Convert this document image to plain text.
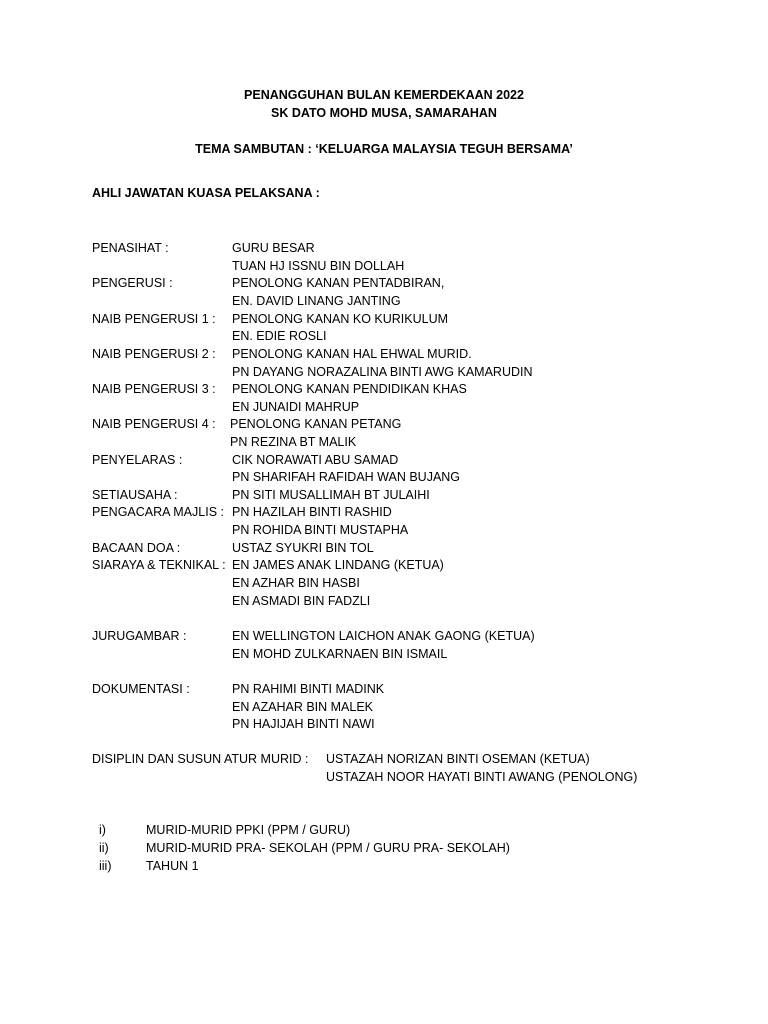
PENANGGUHAN BULAN KEMERDEKAAN 2022
SK DATO MOHD MUSA, SAMARAHAN
TEMA SAMBUTAN : ‘KELUARGA MALAYSIA TEGUH BERSAMA’
AHLI JAWATAN KUASA PELAKSANA :
PENASIHAT :	GURU BESAR
TUAN HJ ISSNU BIN DOLLAH
PENGERUSI :	PENOLONG KANAN PENTADBIRAN,
EN. DAVID LINANG JANTING
NAIB PENGERUSI 1 : PENOLONG KANAN KO KURIKULUM
EN. EDIE ROSLI
NAIB PENGERUSI 2 : PENOLONG KANAN HAL EHWAL MURID.
PN DAYANG NORAZALINA BINTI AWG KAMARUDIN
NAIB PENGERUSI 3 : PENOLONG KANAN PENDIDIKAN KHAS
EN JUNAIDI MAHRUP
NAIB PENGERUSI 4 : PENOLONG KANAN PETANG
PN REZINA BT MALIK
PENYELARAS :	CIK NORAWATI ABU SAMAD
PN SHARIFAH RAFIDAH WAN BUJANG
SETIAUSAHA :	PN SITI MUSALLIMAH BT JULAIHI
PENGACARA MAJLIS : PN HAZILAH BINTI RASHID
PN ROHIDA BINTI MUSTAPHA
BACAAN DOA :	USTAZ SYUKRI BIN TOL
SIARAYA & TEKNIKAL : EN JAMES ANAK LINDANG (KETUA)
EN AZHAR BIN HASBI
EN ASMADI BIN FADZLI
JURUGAMBAR :	EN WELLINGTON LAICHON ANAK GAONG (KETUA)
EN MOHD ZULKARNAEN BIN ISMAIL
DOKUMENTASI :	PN RAHIMI BINTI MADINK
EN AZAHAR BIN MALEK
PN HAJIJAH BINTI NAWI
DISIPLIN DAN SUSUN ATUR MURID : USTAZAH NORIZAN BINTI OSEMAN (KETUA)
USTAZAH NOOR HAYATI BINTI AWANG (PENOLONG)
i)	MURID-MURID PPKI (PPM / GURU)
ii)	MURID-MURID PRA- SEKOLAH (PPM / GURU PRA- SEKOLAH)
iii)	TAHUN 1
